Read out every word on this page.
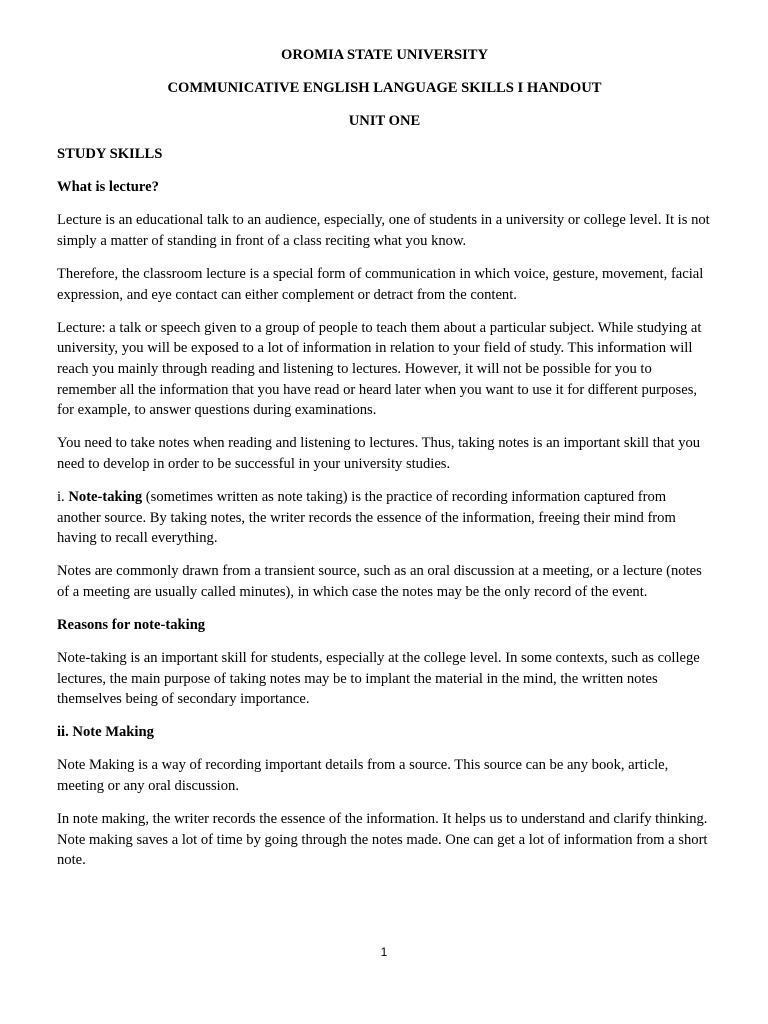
OROMIA STATE UNIVERSITY
COMMUNICATIVE ENGLISH LANGUAGE SKILLS I HANDOUT
UNIT ONE
STUDY SKILLS
What is lecture?

Lecture is an educational talk to an audience, especially, one of students in a university or college level. It is not simply a matter of standing in front of a class reciting what you know.

Therefore, the classroom lecture is a special form of communication in which voice, gesture, movement, facial expression, and eye contact can either complement or detract from the content.

Lecture: a talk or speech given to a group of people to teach them about a particular subject. While studying at university, you will be exposed to a lot of information in relation to your field of study. This information will reach you mainly through reading and listening to lectures. However, it will not be possible for you to remember all the information that you have read or heard later when you want to use it for different purposes, for example, to answer questions during examinations.

You need to take notes when reading and listening to lectures. Thus, taking notes is an important skill that you need to develop in order to be successful in your university studies.

i. Note-taking (sometimes written as note taking) is the practice of recording information captured from another source. By taking notes, the writer records the essence of the information, freeing their mind from having to recall everything.

Notes are commonly drawn from a transient source, such as an oral discussion at a meeting, or a lecture (notes of a meeting are usually called minutes), in which case the notes may be the only record of the event.

Reasons for note-taking

Note-taking is an important skill for students, especially at the college level. In some contexts, such as college lectures, the main purpose of taking notes may be to implant the material in the mind, the written notes themselves being of secondary importance.

ii. Note Making

Note Making is a way of recording important details from a source. This source can be any book, article, meeting or any oral discussion.

In note making, the writer records the essence of the information. It helps us to understand and clarify thinking. Note making saves a lot of time by going through the notes made. One can get a lot of information from a short note.

1
